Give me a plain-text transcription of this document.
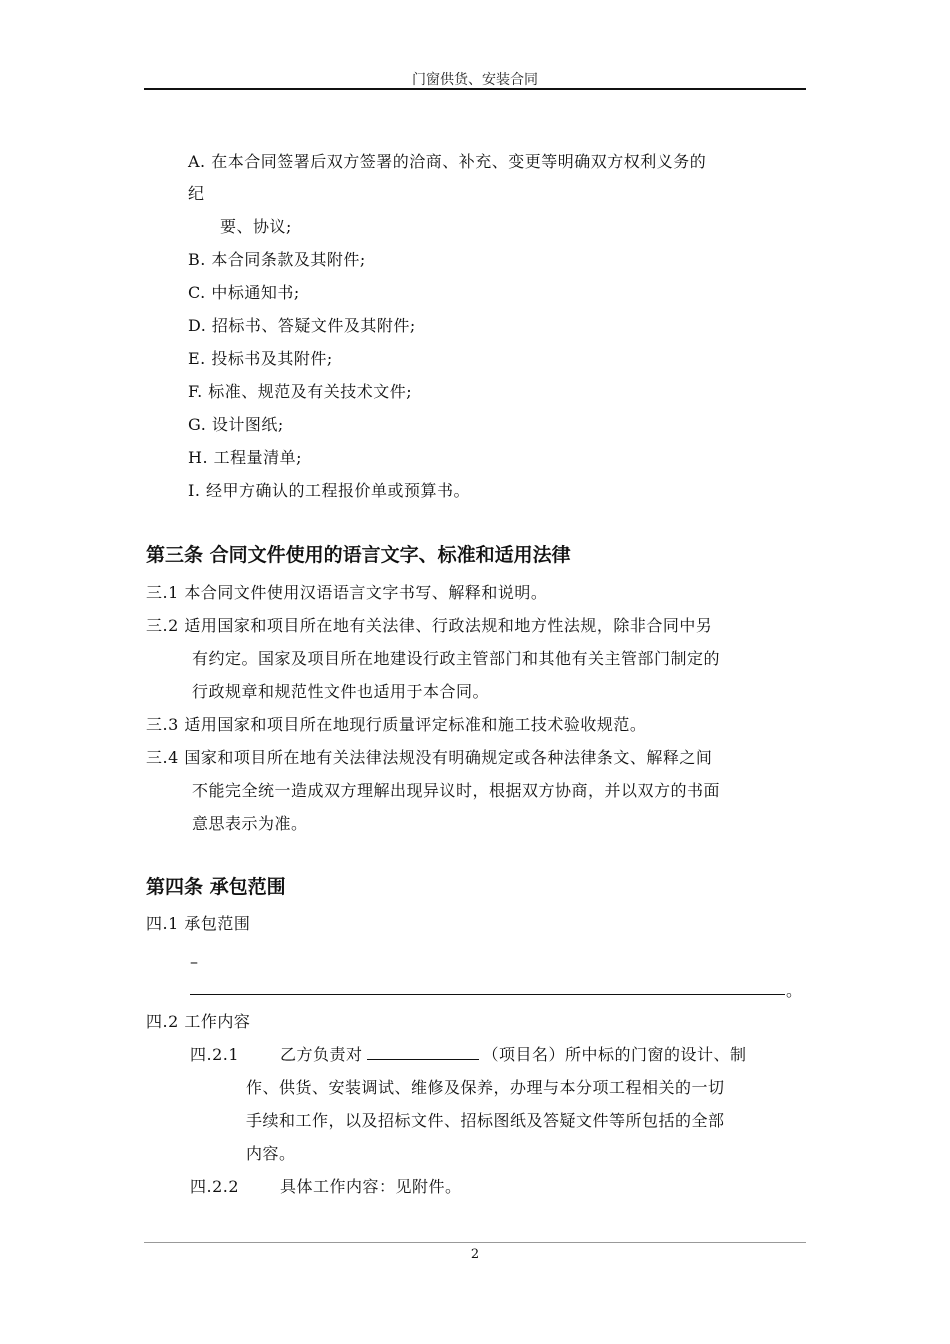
门窗供货、安装合同
A. 在本合同签署后双方签署的洽商、补充、变更等明确双方权利义务的
纪
要、协议;
B. 本合同条款及其附件;
C. 中标通知书;
D. 招标书、答疑文件及其附件;
E. 投标书及其附件;
F. 标准、规范及有关技术文件;
G. 设计图纸;
H. 工程量清单;
I. 经甲方确认的工程报价单或预算书。
第三条 合同文件使用的语言文字、标准和适用法律
三.1 本合同文件使用汉语语言文字书写、解释和说明。
三.2 适用国家和项目所在地有关法律、行政法规和地方性法规，除非合同中另
有约定。国家及项目所在地建设行政主管部门和其他有关主管部门制定的
行政规章和规范性文件也适用于本合同。
三.3 适用国家和项目所在地现行质量评定标准和施工技术验收规范。
三.4 国家和项目所在地有关法律法规没有明确规定或各种法律条文、解释之间
不能完全统一造成双方理解出现异议时，根据双方协商，并以双方的书面
意思表示为准。
第四条 承包范围
四.1 承包范围
–
。
四.2 工作内容
四.2.1	乙方负责对	（项目名）所中标的门窗的设计、制
作、供货、安装调试、维修及保养，办理与本分项工程相关的一切
手续和工作，以及招标文件、招标图纸及答疑文件等所包括的全部
内容。
四.2.2	具体工作内容：见附件。
2
